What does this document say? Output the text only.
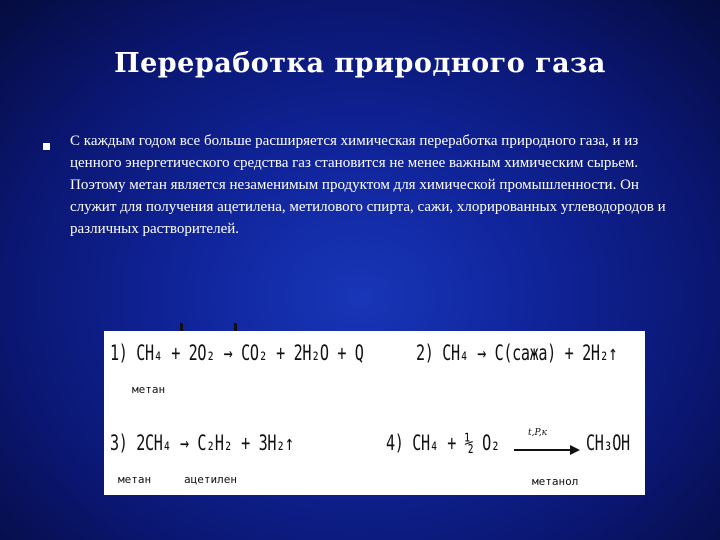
Переработка природного газа
С каждым годом все больше расширяется химическая переработка природного газа, и из ценного энергетического средства газ становится не менее важным химическим сырьем. Поэтому метан является незаменимым продуктом для химической промышленности. Он служит для получения ацетилена, метилового спирта, сажи, хлорированных углеводородов и различных растворителей.
1) CH₄ + 2O₂ → CO₂ + 2H₂O + Q
метан
2) CH₄ → C(сажа) + 2H₂↑
3) 2CH₄ → C₂H₂ + 3H₂↑
метан	ацетилен
4) CH₄ + ½ O₂	t,P,к CH₃OH
метанол
